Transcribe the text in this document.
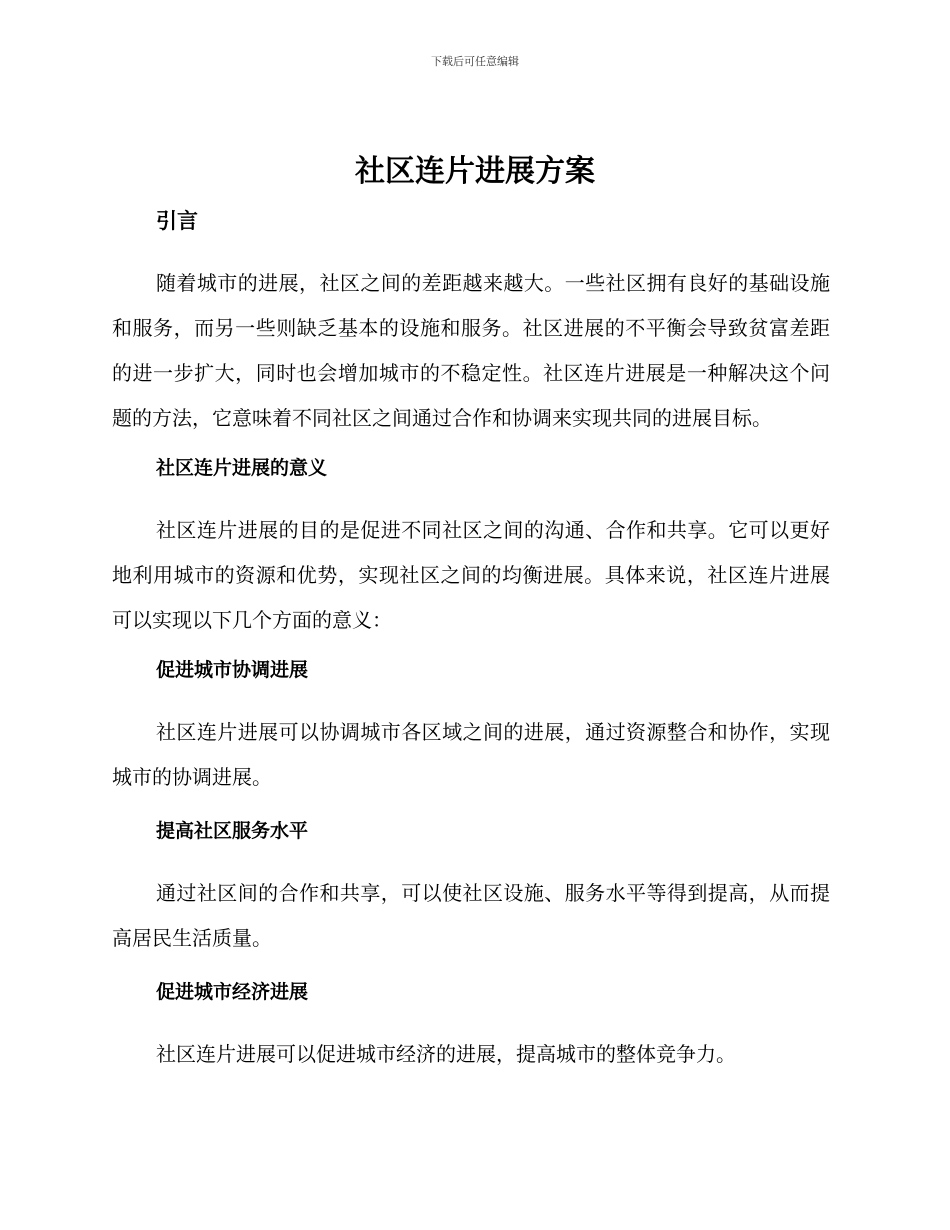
下载后可任意编辑
社区连片进展方案
引言

随着城市的进展，社区之间的差距越来越大。一些社区拥有良好的基础设施和服务，而另一些则缺乏基本的设施和服务。社区进展的不平衡会导致贫富差距的进一步扩大，同时也会增加城市的不稳定性。社区连片进展是一种解决这个问题的方法，它意味着不同社区之间通过合作和协调来实现共同的进展目标。

社区连片进展的意义

社区连片进展的目的是促进不同社区之间的沟通、合作和共享。它可以更好地利用城市的资源和优势，实现社区之间的均衡进展。具体来说，社区连片进展可以实现以下几个方面的意义：

促进城市协调进展

社区连片进展可以协调城市各区域之间的进展，通过资源整合和协作，实现城市的协调进展。

提高社区服务水平

通过社区间的合作和共享，可以使社区设施、服务水平等得到提高，从而提高居民生活质量。

促进城市经济进展

社区连片进展可以促进城市经济的进展，提高城市的整体竞争力。
